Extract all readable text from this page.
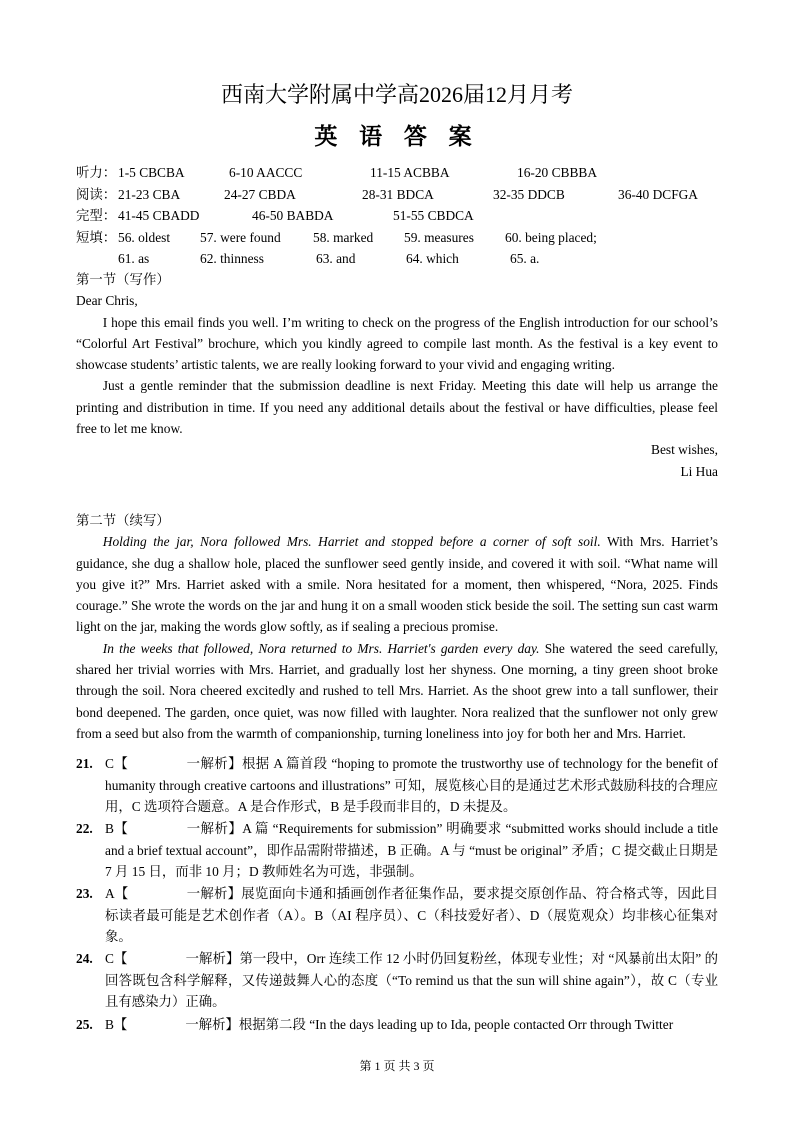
西南大学附属中学高2026届12月月考
英 语 答 案
听力： 1-5 CBCBA	6-10 AACCC	11-15 ACBBA	16-20 CBBBA
阅读： 21-23 CBA	24-27 CBDA	28-31 BDCA	32-35 DDCB	36-40 DCFGA
完型： 41-45 CBADD	46-50 BABDA	51-55 CBDCA
短填： 56. oldest 57. were found 58. marked 59. measures 60. being placed;
61. as	62. thinness	63. and	64. which	65. a.

第一节（写作）

Dear Chris,

I hope this email finds you well. I’m writing to check on the progress of the English introduction for our school’s “Colorful Art Festival” brochure, which you kindly agreed to compile last month. As the festival is a key event to showcase students’ artistic talents, we are really looking forward to your vivid and engaging writing.

Just a gentle reminder that the submission deadline is next Friday. Meeting this date will help us arrange the printing and distribution in time. If you need any additional details about the festival or have difficulties, please feel free to let me know.

Best wishes,

Li Hua

第二节（续写）

Holding the jar, Nora followed Mrs. Harriet and stopped before a corner of soft soil. With Mrs. Harriet’s guidance, she dug a shallow hole, placed the sunflower seed gently inside, and covered it with soil. “What name will you give it?” Mrs. Harriet asked with a smile. Nora hesitated for a moment, then whispered, “Nora, 2025. Finds courage.” She wrote the words on the jar and hung it on a small wooden stick beside the soil. The setting sun cast warm light on the jar, making the words glow softly, as if sealing a precious promise.

In the weeks that followed, Nora returned to Mrs. Harriet's garden every day. She watered the seed carefully, shared her trivial worries with Mrs. Harriet, and gradually lost her shyness. One morning, a tiny green shoot broke through the soil. Nora cheered excitedly and rushed to tell Mrs. Harriet. As the shoot grew into a tall sunflower, their bond deepened. The garden, once quiet, was now filled with laughter. Nora realized that the sunflower not only grew from a seed but also from the warmth of companionship, turning loneliness into joy for both her and Mrs. Harriet.

21. C【	一解析】根据 A 篇首段 “hoping to promote the trustworthy use of technology for the benefit of humanity through creative cartoons and illustrations” 可知，展览核心目的是通过艺术形式鼓励科技的合理应用，C 选项符合题意。A 是合作形式，B 是手段而非目的，D 未提及。
22. B【	一解析】A 篇 “Requirements for submission” 明确要求 “submitted works should include a title and a brief textual account”，即作品需附带描述，B 正确。A 与 “must be original” 矛盾；C 提交截止日期是 7 月 15 日，而非 10 月；D 教师姓名为可选，非强制。
23. A【	一解析】展览面向卡通和插画创作者征集作品，要求提交原创作品、符合格式等，因此目标读者最可能是艺术创作者（A）。B（AI 程序员）、C（科技爱好者）、D（展览观众）均非核心征集对象。
24. C【	一解析】第一段中，Orr 连续工作 12 小时仍回复粉丝，体现专业性；对 “风暴前出太阳” 的回答既包含科学解释，又传递鼓舞人心的态度（“To remind us that the sun will shine again”），故 C（专业且有感染力）正确。
25. B【	一解析】根据第二段 “In the days leading up to Ida, people contacted Orr through Twitter
第 1 页 共 3 页
